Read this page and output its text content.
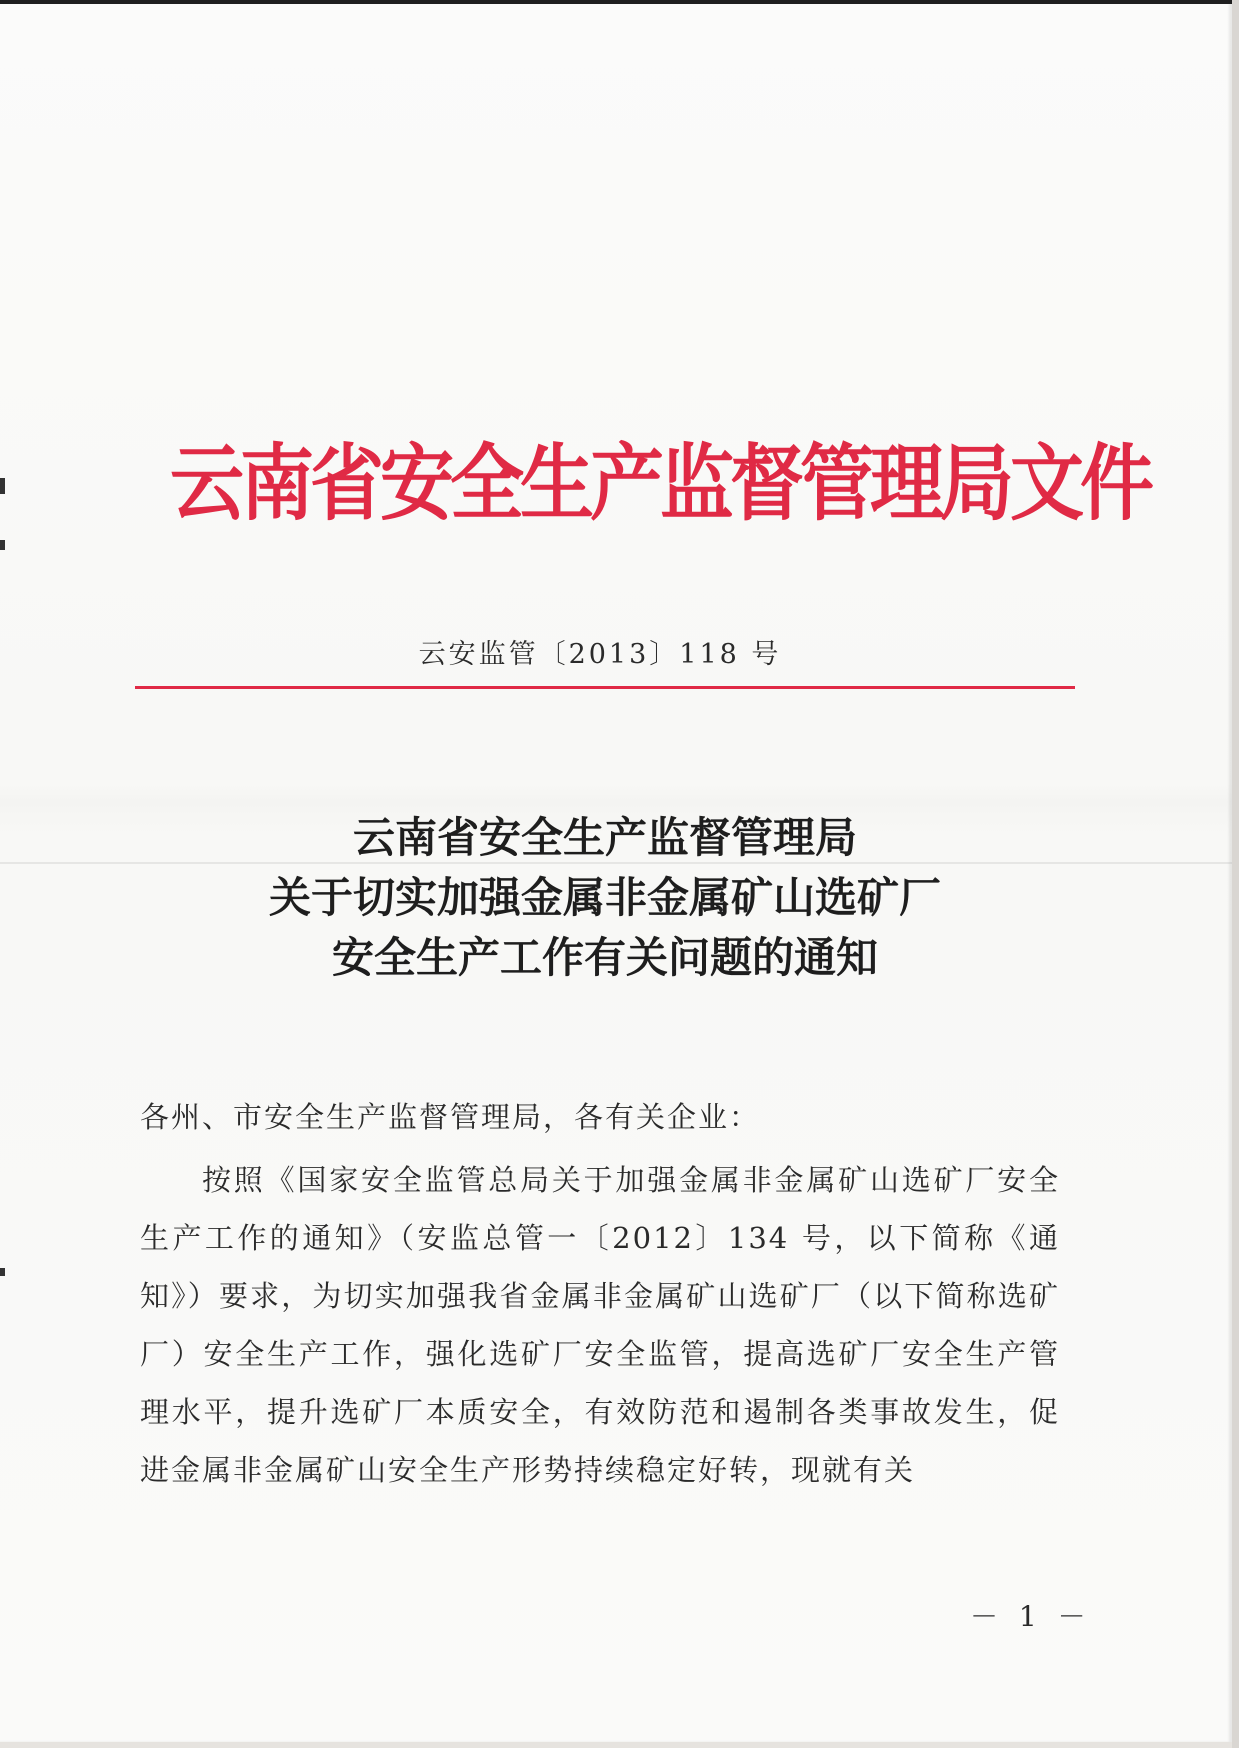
云南省安全生产监督管理局文件
云安监管〔2013〕118 号
云南省安全生产监督管理局
关于切实加强金属非金属矿山选矿厂
安全生产工作有关问题的通知
各州、市安全生产监督管理局，各有关企业：
按照《国家安全监管总局关于加强金属非金属矿山选矿厂安全生产工作的通知》（安监总管一〔2012〕134 号，以下简称《通知》）要求，为切实加强我省金属非金属矿山选矿厂（以下简称选矿厂）安全生产工作，强化选矿厂安全监管，提高选矿厂安全生产管理水平，提升选矿厂本质安全，有效防范和遏制各类事故发生，促进金属非金属矿山安全生产形势持续稳定好转，现就有关
－ 1 －
